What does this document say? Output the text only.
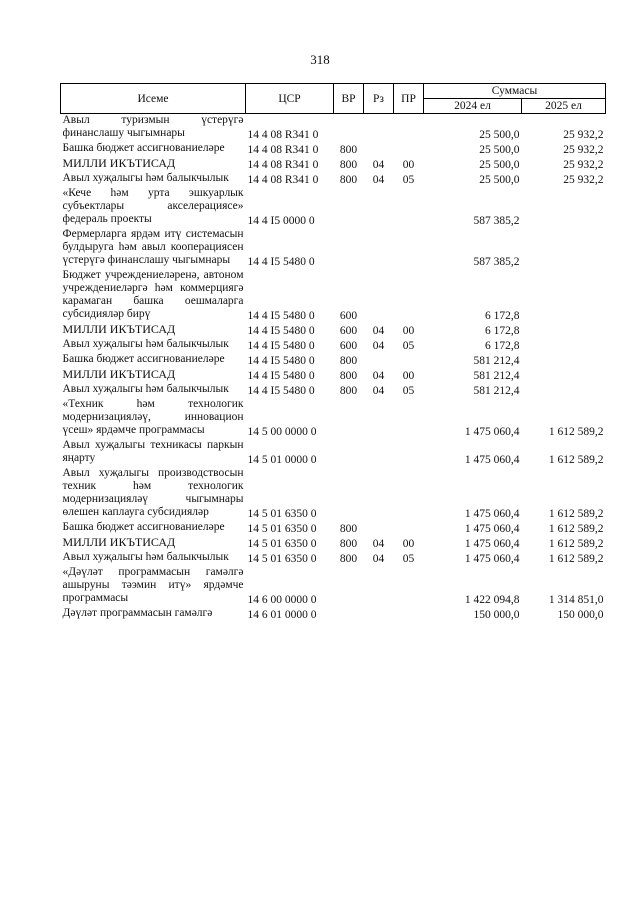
318
Исеме	ЦСР	ВР	Рз	ПР	Суммасы	
					2024 ел	2025 ел
Авыл туризмын үстерүгә финанслашу чыгымнары	14 4 08 R341 0				25 500,0	25 932,2
Башка бюджет ассигнованиеләре	14 4 08 R341 0	800			25 500,0	25 932,2
МИЛЛИ ИКЪТИСАД	14 4 08 R341 0	800	04	00	25 500,0	25 932,2
Авыл хуҗалыгы һәм балыкчылык	14 4 08 R341 0	800	04	05	25 500,0	25 932,2
«Кече һәм урта эшкуарлык субъектлары акселерациясе» федераль проекты	14 4 I5 0000 0				587 385,2	
Фермерларга ярдәм итү системасын булдыруга һәм авыл кооперациясен үстерүгә финанслашу чыгымнары	14 4 I5 5480 0				587 385,2	
Бюджет учреждениеләренә, автоном учреждениеләргә һәм коммерциягә карамаган башка оешмаларга субсидияләр бирү	14 4 I5 5480 0	600			6 172,8	
МИЛЛИ ИКЪТИСАД	14 4 I5 5480 0	600	04	00	6 172,8	
Авыл хуҗалыгы һәм балыкчылык	14 4 I5 5480 0	600	04	05	6 172,8	
Башка бюджет ассигнованиеләре	14 4 I5 5480 0	800			581 212,4	
МИЛЛИ ИКЪТИСАД	14 4 I5 5480 0	800	04	00	581 212,4	
Авыл хуҗалыгы һәм балыкчылык	14 4 I5 5480 0	800	04	05	581 212,4	
«Техник һәм технологик модернизацияләү, инновацион үсеш» ярдәмче программасы	14 5 00 0000 0				1 475 060,4	1 612 589,2
Авыл хуҗалыгы техникасы паркын яңарту	14 5 01 0000 0				1 475 060,4	1 612 589,2
Авыл хуҗалыгы производствосын техник һәм технологик модернизацияләү чыгымнары өлешен каплауга субсидияләр	14 5 01 6350 0				1 475 060,4	1 612 589,2
Башка бюджет ассигнованиеләре	14 5 01 6350 0	800			1 475 060,4	1 612 589,2
МИЛЛИ ИКЪТИСАД	14 5 01 6350 0	800	04	00	1 475 060,4	1 612 589,2
Авыл хуҗалыгы һәм балыкчылык	14 5 01 6350 0	800	04	05	1 475 060,4	1 612 589,2
«Дәүләт программасын гамәлгә ашыруны тәэмин итү» ярдәмче программасы	14 6 00 0000 0				1 422 094,8	1 314 851,0
Дәүләт программасын гамәлгә	14 6 01 0000 0				150 000,0	150 000,0
